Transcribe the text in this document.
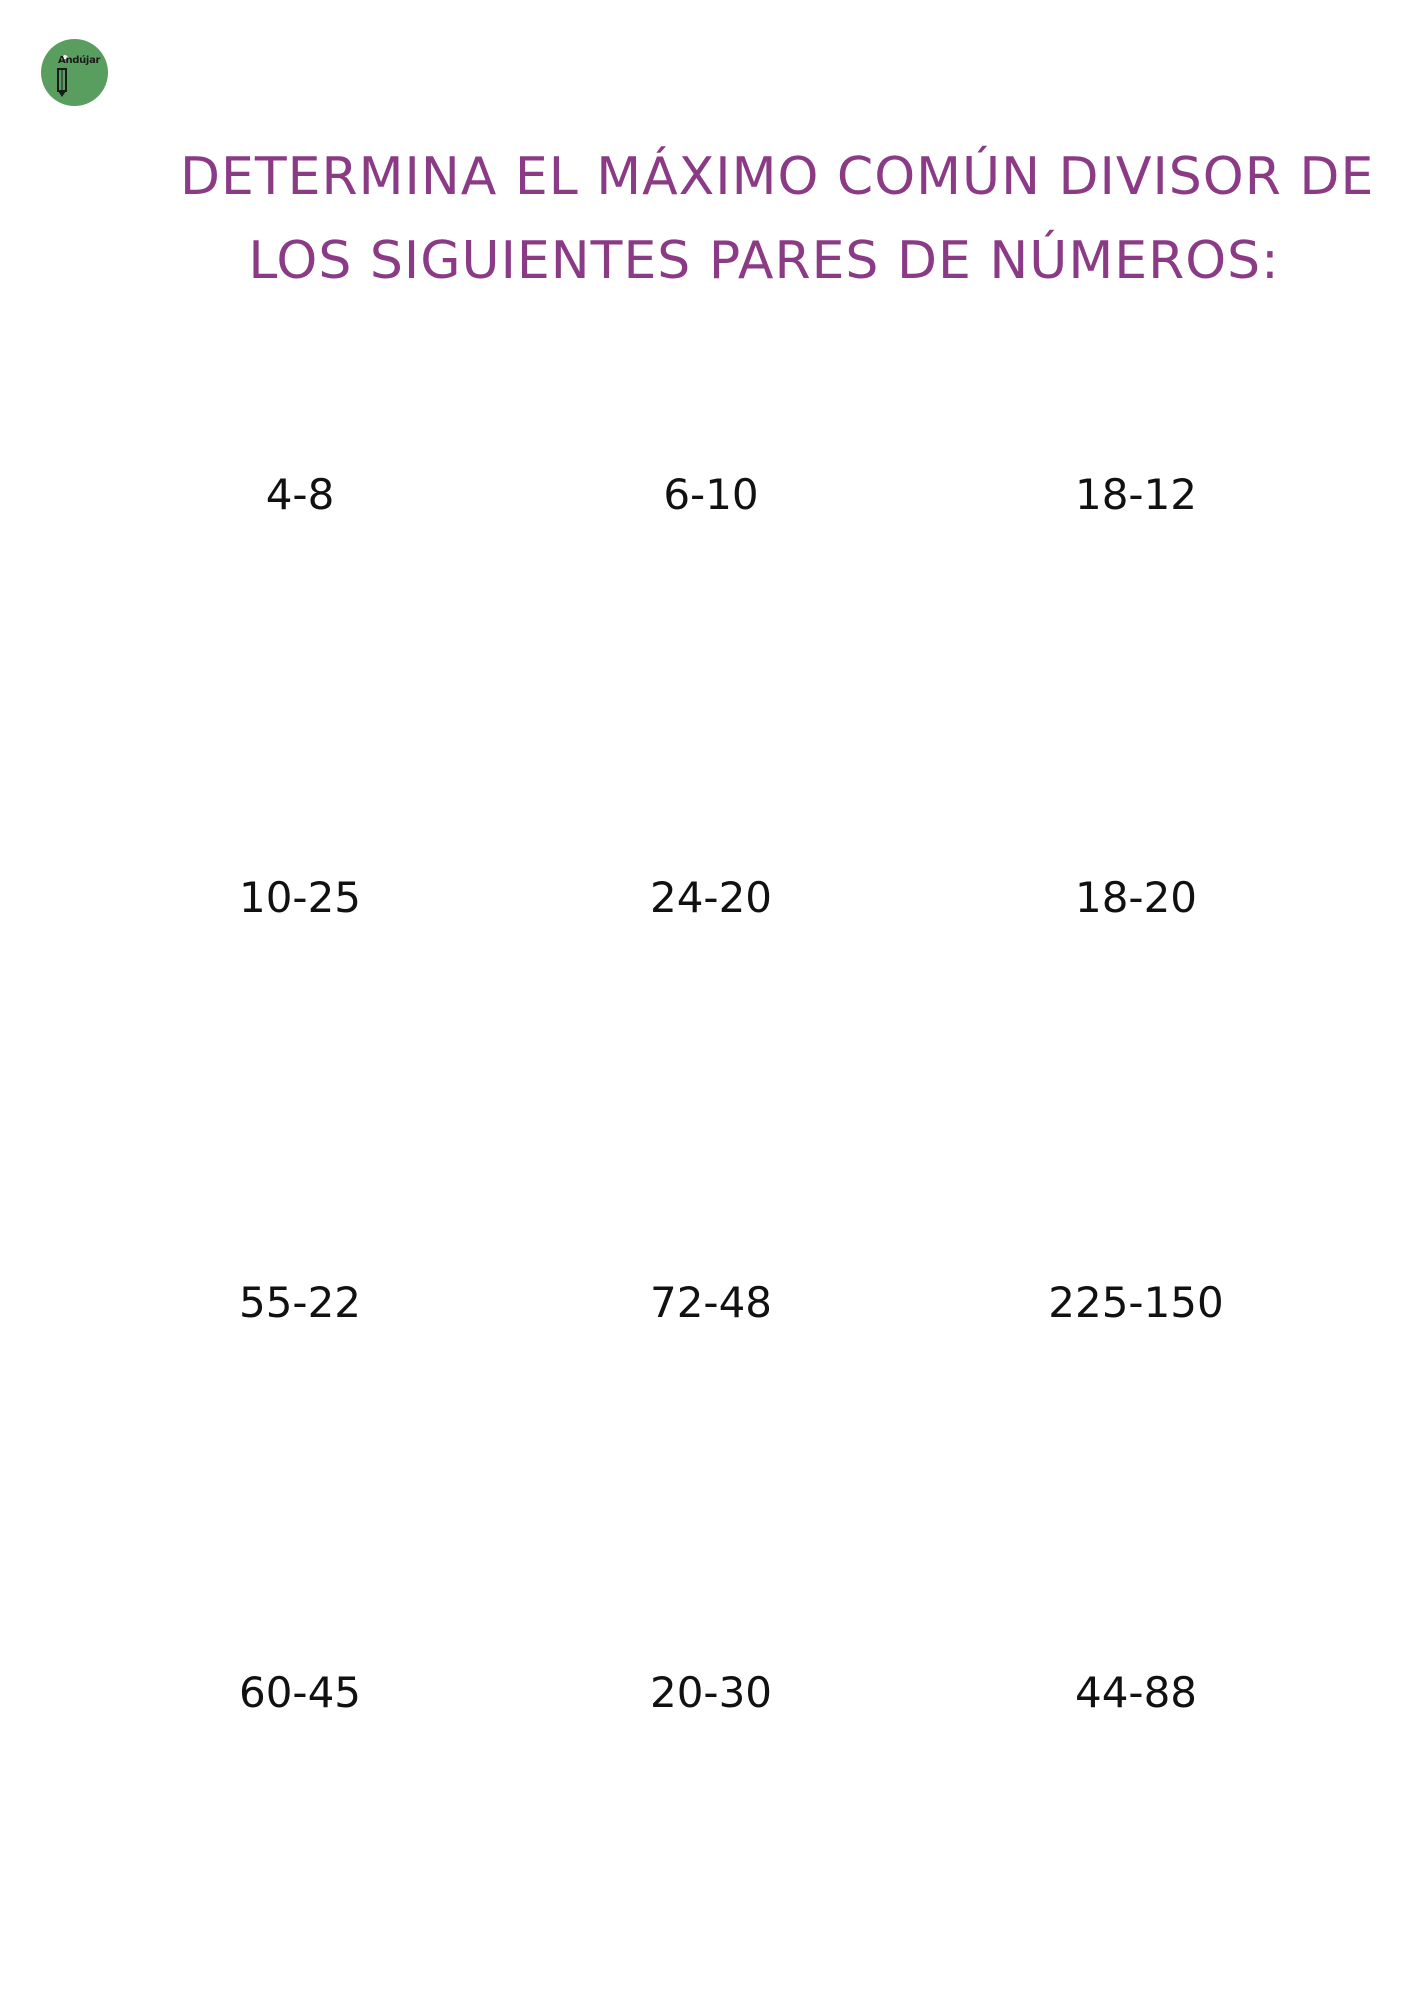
Andújar
DETERMINA EL MÁXIMO COMÚN DIVISOR DE
LOS SIGUIENTES PARES DE NÚMEROS:
4-8	6-10	18-12
10-25	24-20	18-20
55-22	72-48	225-150
60-45	20-30	44-88
